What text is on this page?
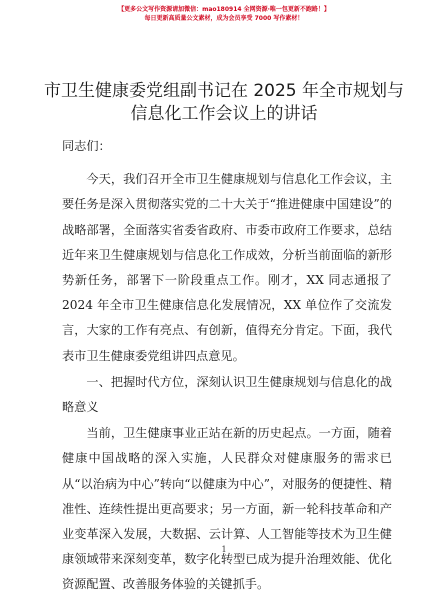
【更多公文写作资源请加微信：mao180914 全网资源·唯一包更新不跑路！】
每日更新高质量公文素材，成为会员享受 7000 写作素材！
市卫生健康委党组副书记在 2025 年全市规划与
信息化工作会议上的讲话

同志们：

今天，我们召开全市卫生健康规划与信息化工作会议，主要任务是深入贯彻落实党的二十大关于“推进健康中国建设”的战略部署，全面落实省委省政府、市委市政府工作要求，总结近年来卫生健康规划与信息化工作成效，分析当前面临的新形势新任务，部署下一阶段重点工作。刚才，XX 同志通报了 2024 年全市卫生健康信息化发展情况，XX 单位作了交流发言，大家的工作有亮点、有创新，值得充分肯定。下面，我代表市卫生健康委党组讲四点意见。

一、把握时代方位，深刻认识卫生健康规划与信息化的战略意义

当前，卫生健康事业正站在新的历史起点。一方面，随着健康中国战略的深入实施，人民群众对健康服务的需求已从“以治病为中心”转向“以健康为中心”，对服务的便捷性、精准性、连续性提出更高要求；另一方面，新一轮科技革命和产业变革深入发展，大数据、云计算、人工智能等技术为卫生健康领域带来深刻变革，数字化转型已成为提升治理效能、优化资源配置、改善服务体验的关键抓手。

1
